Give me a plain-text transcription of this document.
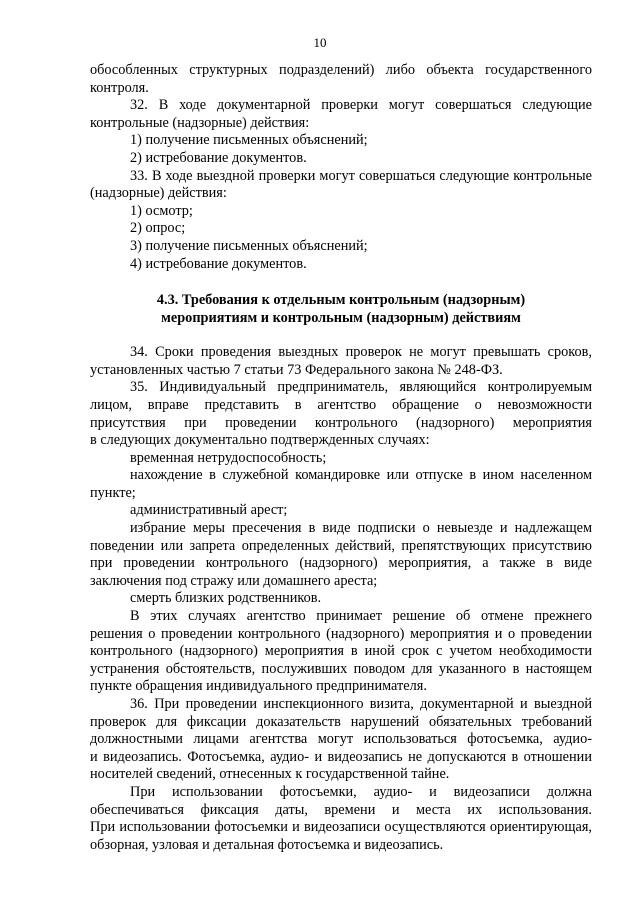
10
обособленных структурных подразделений) либо объекта государственного
контроля.
32. В ходе документарной проверки могут совершаться следующие
контрольные (надзорные) действия:
1) получение письменных объяснений;
2) истребование документов.
33. В ходе выездной проверки могут совершаться следующие контрольные
(надзорные) действия:
1) осмотр;
2) опрос;
3) получение письменных объяснений;
4) истребование документов.
4.3. Требования к отдельным контрольным (надзорным)
мероприятиям и контрольным (надзорным) действиям
34. Сроки проведения выездных проверок не могут превышать сроков,
установленных частью 7 статьи 73 Федерального закона № 248-ФЗ.
35. Индивидуальный предприниматель, являющийся контролируемым
лицом, вправе представить в агентство обращение о невозможности
присутствия при проведении контрольного (надзорного) мероприятия
в следующих документально подтвержденных случаях:
временная нетрудоспособность;
нахождение в служебной командировке или отпуске в ином населенном
пункте;
административный арест;
избрание меры пресечения в виде подписки о невыезде и надлежащем
поведении или запрета определенных действий, препятствующих присутствию
при проведении контрольного (надзорного) мероприятия, а также в виде
заключения под стражу или домашнего ареста;
смерть близких родственников.
В этих случаях агентство принимает решение об отмене прежнего
решения о проведении контрольного (надзорного) мероприятия и о проведении
контрольного (надзорного) мероприятия в иной срок с учетом необходимости
устранения обстоятельств, послуживших поводом для указанного в настоящем
пункте обращения индивидуального предпринимателя.
36. При проведении инспекционного визита, документарной и выездной
проверок для фиксации доказательств нарушений обязательных требований
должностными лицами агентства могут использоваться фотосъемка, аудио-
и видеозапись. Фотосъемка, аудио- и видеозапись не допускаются в отношении
носителей сведений, отнесенных к государственной тайне.
При использовании фотосъемки, аудио- и видеозаписи должна
обеспечиваться фиксация даты, времени и места их использования.
При использовании фотосъемки и видеозаписи осуществляются ориентирующая,
обзорная, узловая и детальная фотосъемка и видеозапись.
